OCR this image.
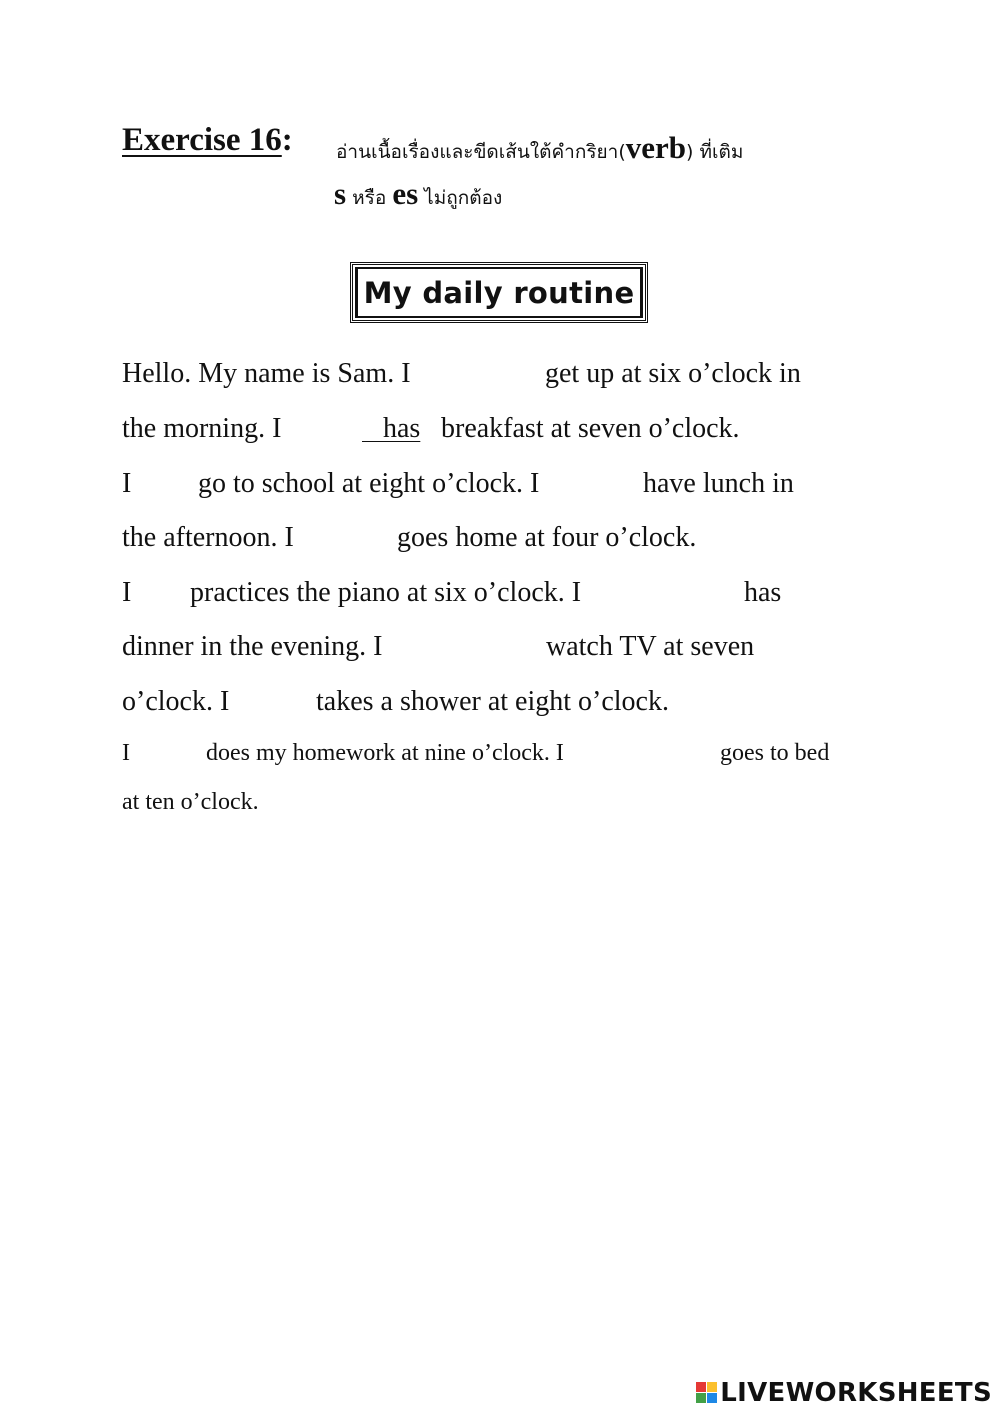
Exercise 16: อ่านเนื้อเรื่องและขีดเส้นใต้คำกริยา(verb) ที่เติม
s หรือ es ไม่ถูกต้อง
My daily routine
Hello. My name is Sam. I	get up at six o’clock in
the morning. I	has breakfast at seven o’clock.
I go to school at eight o’clock. I	have lunch in
the afternoon. I	goes home at four o’clock.
I practices the piano at six o’clock. I	has
dinner in the evening. I	watch TV at seven
o’clock. I	takes a shower at eight o’clock.
I	does my homework at nine o’clock. I	goes to bed
at ten o’clock.
LIVEWORKSHEETS
